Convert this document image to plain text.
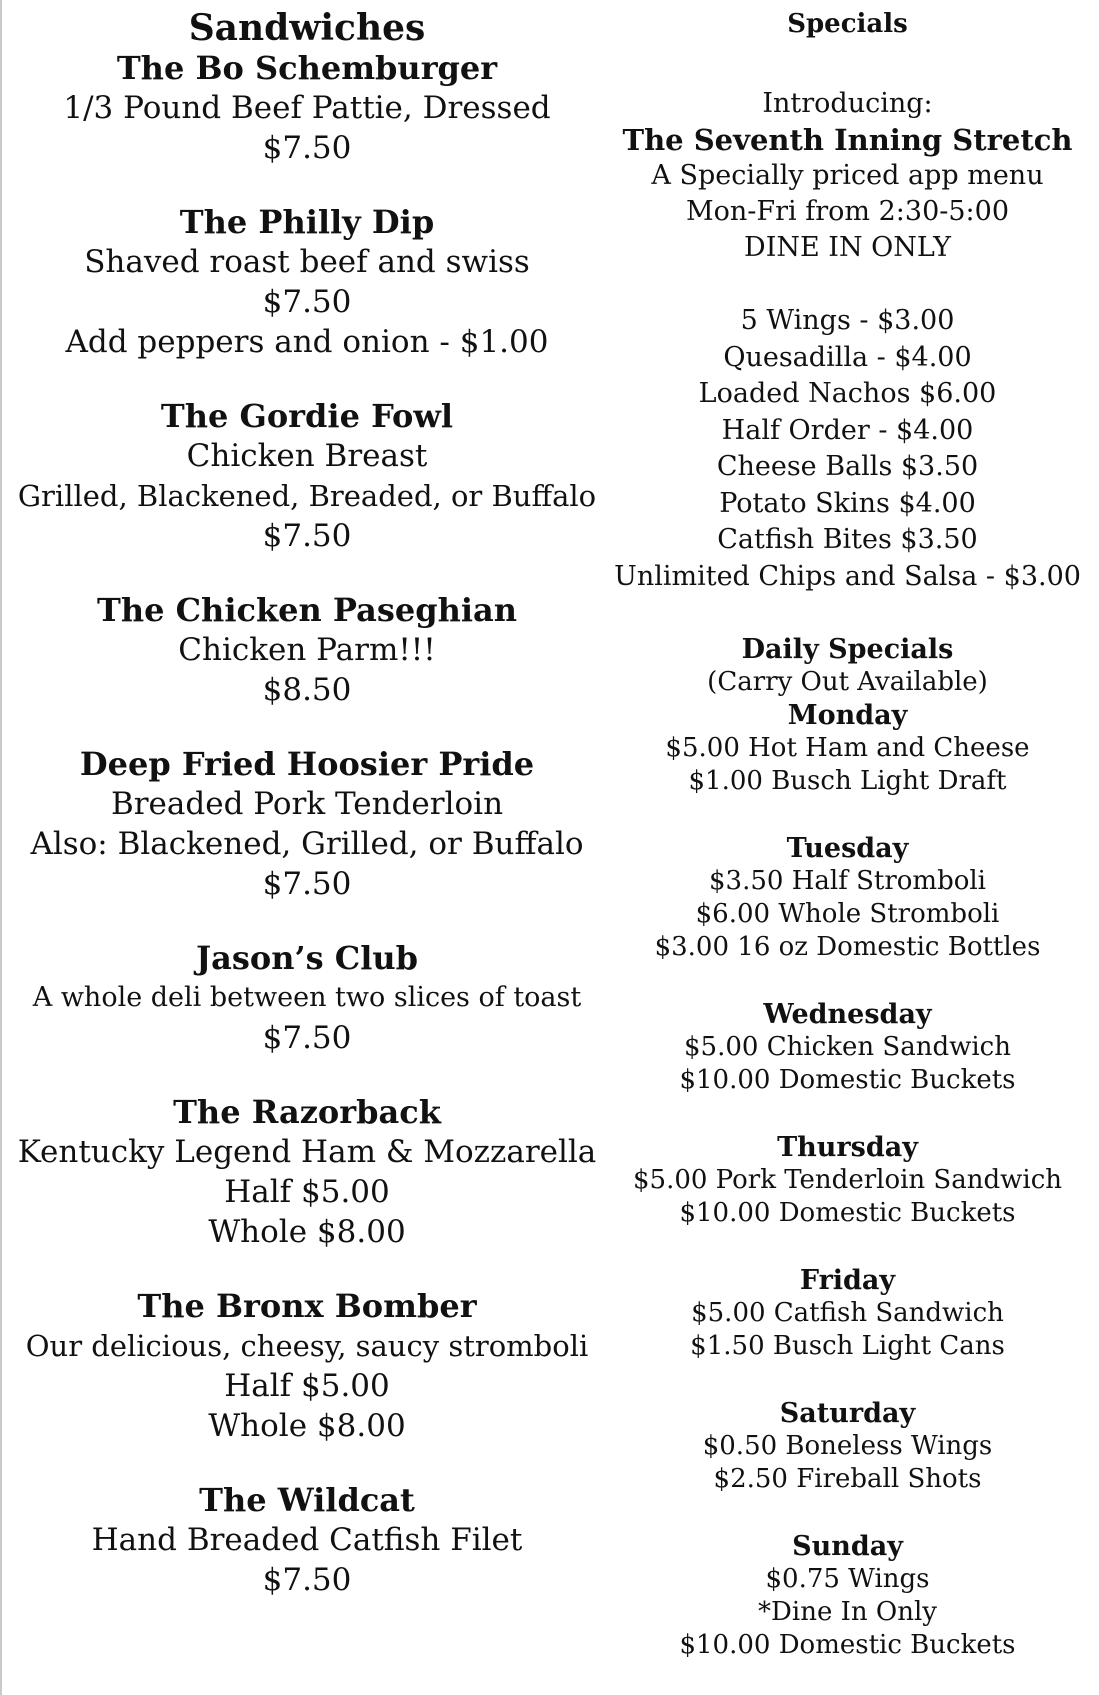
Sandwiches
The Bo Schemburger
1/3 Pound Beef Pattie, Dressed
$7.50
The Philly Dip
Shaved roast beef and swiss
$7.50
Add peppers and onion - $1.00
The Gordie Fowl
Chicken Breast
Grilled, Blackened, Breaded, or Buffalo
$7.50
The Chicken Paseghian
Chicken Parm!!!
$8.50
Deep Fried Hoosier Pride
Breaded Pork Tenderloin
Also: Blackened, Grilled, or Buffalo
$7.50
Jason’s Club
A whole deli between two slices of toast
$7.50
The Razorback
Kentucky Legend Ham & Mozzarella
Half $5.00
Whole $8.00
The Bronx Bomber
Our delicious, cheesy, saucy stromboli
Half $5.00
Whole $8.00
The Wildcat
Hand Breaded Catfish Filet
$7.50
Specials
Introducing:
The Seventh Inning Stretch
A Specially priced app menu
Mon-Fri from 2:30-5:00
DINE IN ONLY
5 Wings - $3.00
Quesadilla - $4.00
Loaded Nachos $6.00
Half Order - $4.00
Cheese Balls $3.50
Potato Skins $4.00
Catfish Bites $3.50
Unlimited Chips and Salsa - $3.00
Daily Specials
(Carry Out Available)
Monday
$5.00 Hot Ham and Cheese
$1.00 Busch Light Draft
Tuesday
$3.50 Half Stromboli
$6.00 Whole Stromboli
$3.00 16 oz Domestic Bottles
Wednesday
$5.00 Chicken Sandwich
$10.00 Domestic Buckets
Thursday
$5.00 Pork Tenderloin Sandwich
$10.00 Domestic Buckets
Friday
$5.00 Catfish Sandwich
$1.50 Busch Light Cans
Saturday
$0.50 Boneless Wings
$2.50 Fireball Shots
Sunday
$0.75 Wings
*Dine In Only
$10.00 Domestic Buckets
